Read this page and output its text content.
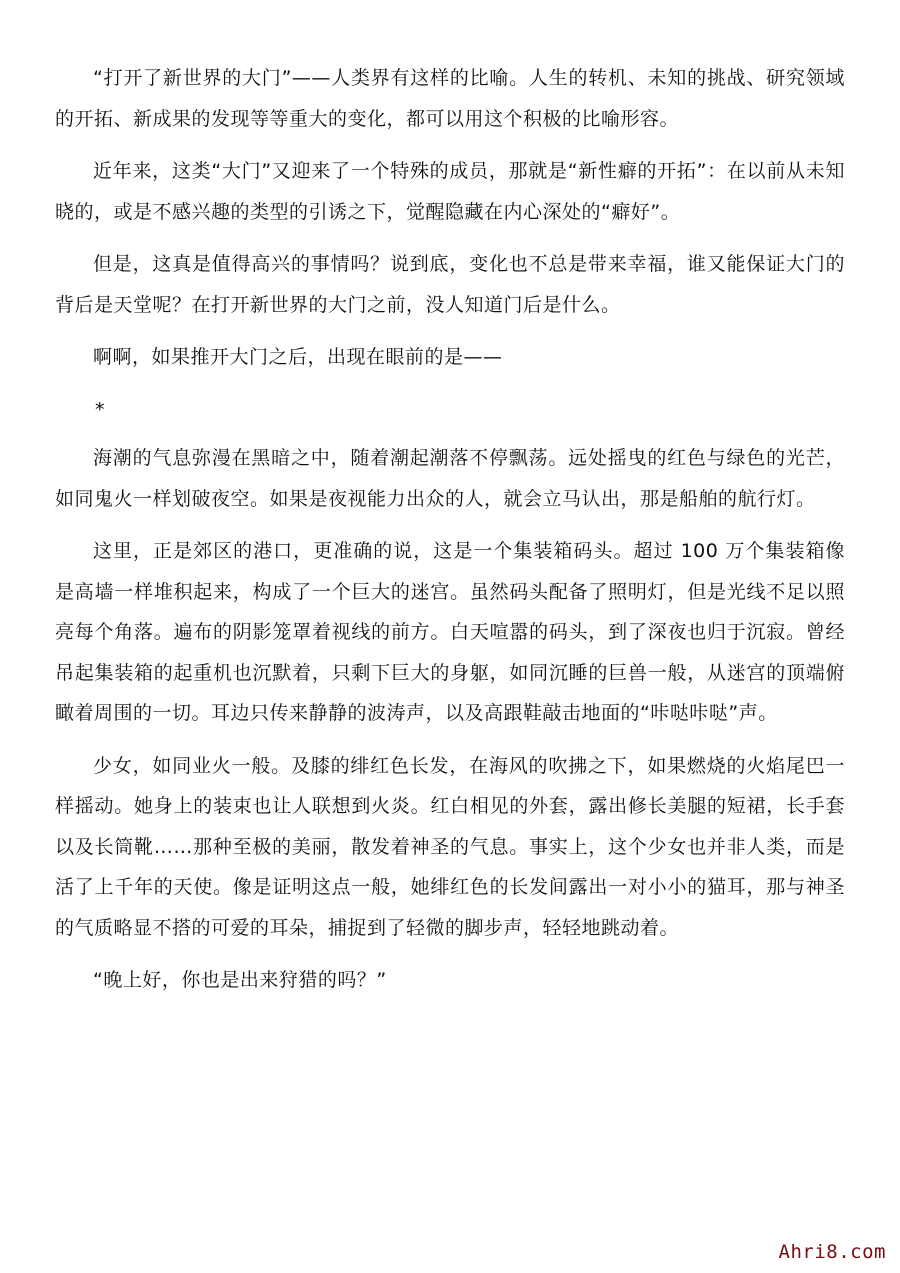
“打开了新世界的大门”——人类界有这样的比喻。人生的转机、未知的挑战、研究领域的开拓、新成果的发现等等重大的变化，都可以用这个积极的比喻形容。

近年来，这类“大门”又迎来了一个特殊的成员，那就是“新性癖的开拓”：在以前从未知晓的，或是不感兴趣的类型的引诱之下，觉醒隐藏在内心深处的“癖好”。

但是，这真是值得高兴的事情吗？说到底，变化也不总是带来幸福，谁又能保证大门的背后是天堂呢？在打开新世界的大门之前，没人知道门后是什么。

啊啊，如果推开大门之后，出现在眼前的是——

*

海潮的气息弥漫在黑暗之中，随着潮起潮落不停飘荡。远处摇曳的红色与绿色的光芒，如同鬼火一样划破夜空。如果是夜视能力出众的人，就会立马认出，那是船舶的航行灯。

这里，正是郊区的港口，更准确的说，这是一个集装箱码头。超过 100 万个集装箱像是高墙一样堆积起来，构成了一个巨大的迷宫。虽然码头配备了照明灯，但是光线不足以照亮每个角落。遍布的阴影笼罩着视线的前方。白天喧嚣的码头，到了深夜也归于沉寂。曾经吊起集装箱的起重机也沉默着，只剩下巨大的身躯，如同沉睡的巨兽一般，从迷宫的顶端俯瞰着周围的一切。耳边只传来静静的波涛声，以及高跟鞋敲击地面的“咔哒咔哒”声。

少女，如同业火一般。及膝的绯红色长发，在海风的吹拂之下，如果燃烧的火焰尾巴一样摇动。她身上的装束也让人联想到火炎。红白相见的外套，露出修长美腿的短裙，长手套以及长筒靴……那种至极的美丽，散发着神圣的气息。事实上，这个少女也并非人类，而是活了上千年的天使。像是证明这点一般，她绯红色的长发间露出一对小小的猫耳，那与神圣的气质略显不搭的可爱的耳朵，捕捉到了轻微的脚步声，轻轻地跳动着。

“晚上好，你也是出来狩猎的吗？”

Ahri8.com
